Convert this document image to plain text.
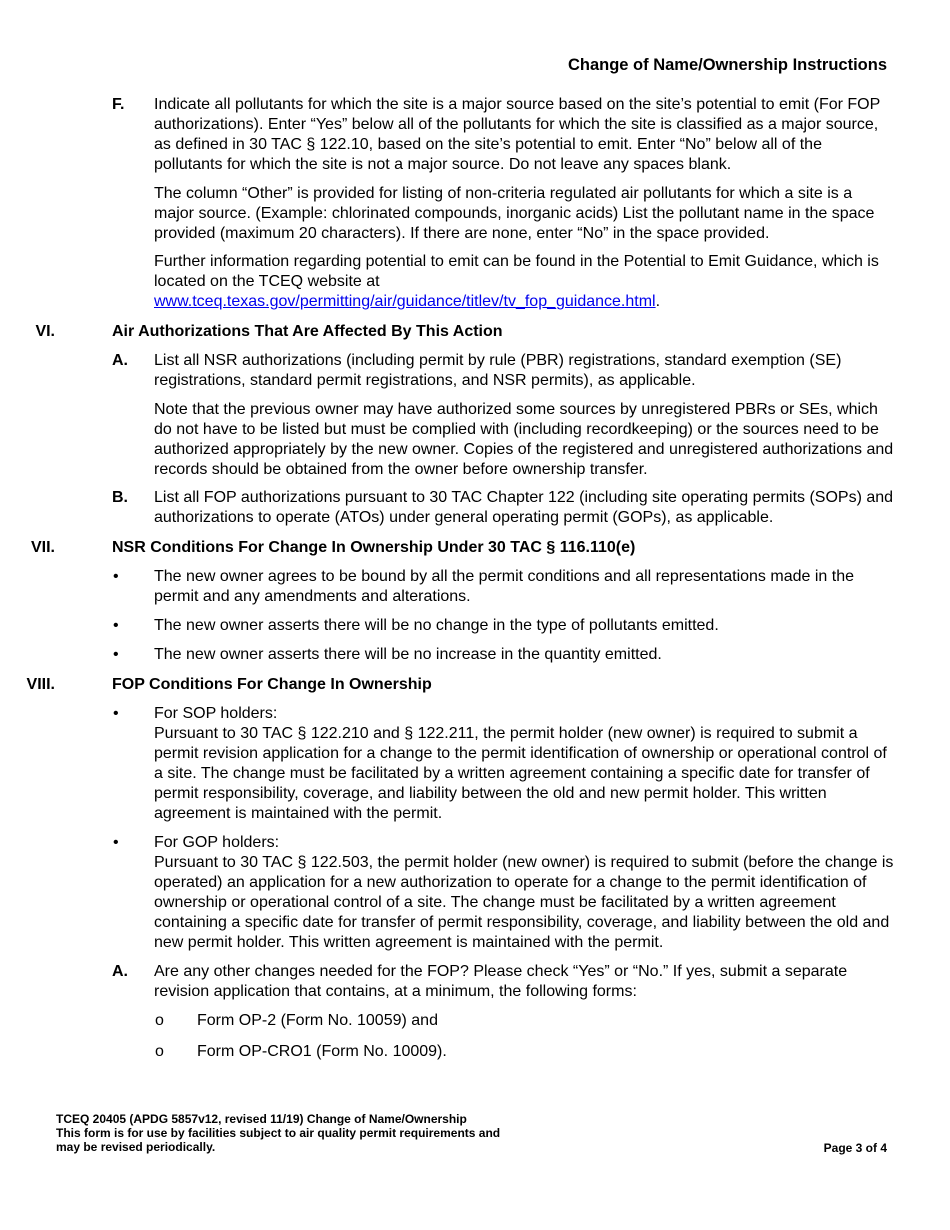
Change of Name/Ownership Instructions
F. Indicate all pollutants for which the site is a major source based on the site’s potential to emit (For FOP authorizations). Enter “Yes” below all of the pollutants for which the site is classified as a major source, as defined in 30 TAC § 122.10, based on the site’s potential to emit. Enter “No” below all of the pollutants for which the site is not a major source. Do not leave any spaces blank.
The column “Other” is provided for listing of non-criteria regulated air pollutants for which a site is a major source. (Example: chlorinated compounds, inorganic acids) List the pollutant name in the space provided (maximum 20 characters). If there are none, enter “No” in the space provided.
Further information regarding potential to emit can be found in the Potential to Emit Guidance, which is located on the TCEQ website at
www.tceq.texas.gov/permitting/air/guidance/titlev/tv_fop_guidance.html.
VI.	Air Authorizations That Are Affected By This Action
A. List all NSR authorizations (including permit by rule (PBR) registrations, standard exemption (SE) registrations, standard permit registrations, and NSR permits), as applicable.
Note that the previous owner may have authorized some sources by unregistered PBRs or SEs, which do not have to be listed but must be complied with (including recordkeeping) or the sources need to be authorized appropriately by the new owner. Copies of the registered and unregistered authorizations and records should be obtained from the owner before ownership transfer.
B. List all FOP authorizations pursuant to 30 TAC Chapter 122 (including site operating permits (SOPs) and authorizations to operate (ATOs) under general operating permit (GOPs), as applicable.
VII.	NSR Conditions For Change In Ownership Under 30 TAC § 116.110(e)
• The new owner agrees to be bound by all the permit conditions and all representations made in the permit and any amendments and alterations.
• The new owner asserts there will be no change in the type of pollutants emitted.
• The new owner asserts there will be no increase in the quantity emitted.
VIII.	FOP Conditions For Change In Ownership
• For SOP holders:
Pursuant to 30 TAC § 122.210 and § 122.211, the permit holder (new owner) is required to submit a permit revision application for a change to the permit identification of ownership or operational control of a site. The change must be facilitated by a written agreement containing a specific date for transfer of permit responsibility, coverage, and liability between the old and new permit holder. This written agreement is maintained with the permit.
• For GOP holders:
Pursuant to 30 TAC § 122.503, the permit holder (new owner) is required to submit (before the change is operated) an application for a new authorization to operate for a change to the permit identification of ownership or operational control of a site. The change must be facilitated by a written agreement containing a specific date for transfer of permit responsibility, coverage, and liability between the old and new permit holder. This written agreement is maintained with the permit.
A. Are any other changes needed for the FOP? Please check “Yes” or “No.” If yes, submit a separate revision application that contains, at a minimum, the following forms:
o Form OP-2 (Form No. 10059) and
o Form OP-CRO1 (Form No. 10009).
TCEQ 20405 (APDG 5857v12, revised 11/19) Change of Name/Ownership
This form is for use by facilities subject to air quality permit requirements and
may be revised periodically.	Page 3 of 4
